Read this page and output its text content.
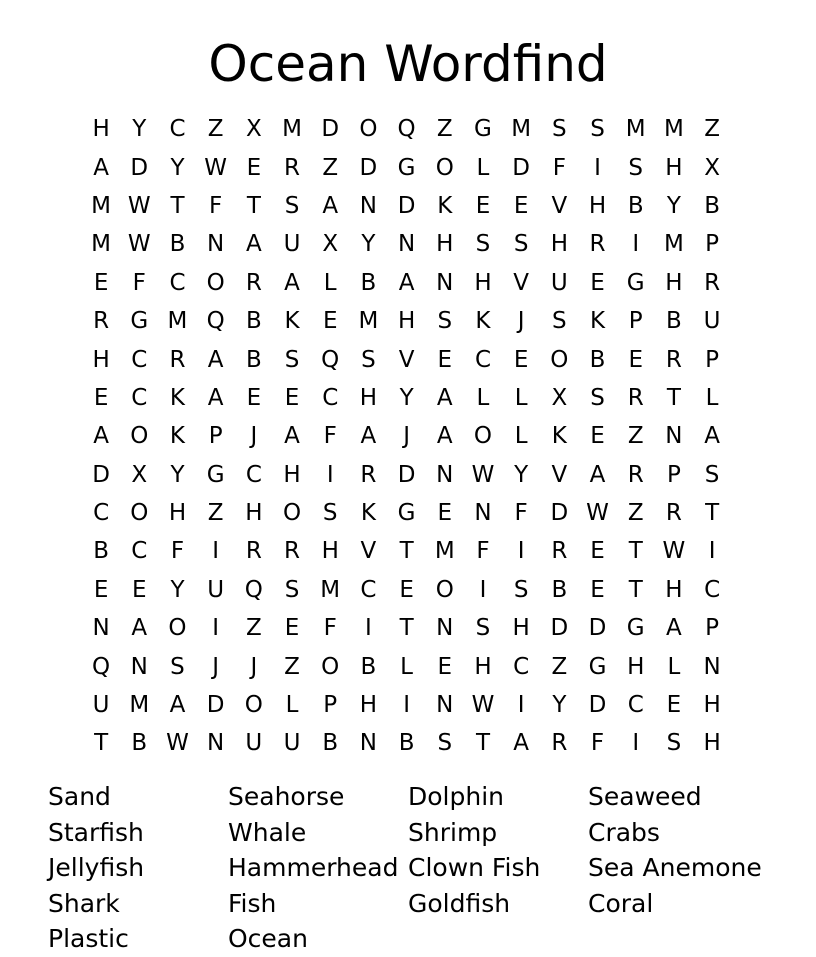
Ocean Wordfind
H Y	C Z X M D O Q Z G M S	S M M Z
A D Y W E R Z D G O L D F	I	S H X
M W T	F	T	S	A N D K	E	E	V H B	Y	B
M W B N A U X	Y N H S	S H R	I	M P
E	F	C O R A	L	B A N H V U E G H R
R G M Q B K	E M H S	K	J	S	K	P	B U
H C R A B S Q S	V	E C E O B	E R	P
E C K A	E	E C H Y	A	L	L	X	S R	T	L
A O K	P	J	A	F	A	J	A O L	K	E	Z N A
D X	Y G C H	I	R D N W Y	V A R	P	S
C O H Z H O S	K G E N F D W Z R	T
B C	F	I	R R H V	T M F	I	R E	T W	I
E	E	Y U Q S M C E O	I	S	B	E	T H C
N A O	I	Z	E	F	I	T N S H D D G A	P
Q N S	J	J	Z O B	L	E H C Z G H	L	N
U M A D O L	P H	I	N W	I	Y D C E H
T	B W N U U B N B S	T	A R	F	I	S H
Sand	Seahorse	Dolphin	Seaweed
Starfish	Whale	Shrimp	Crabs
Jellyfish	Hammerhead Clown Fish	Sea Anemone
Shark	Fish	Goldfish	Coral
Plastic	Ocean
